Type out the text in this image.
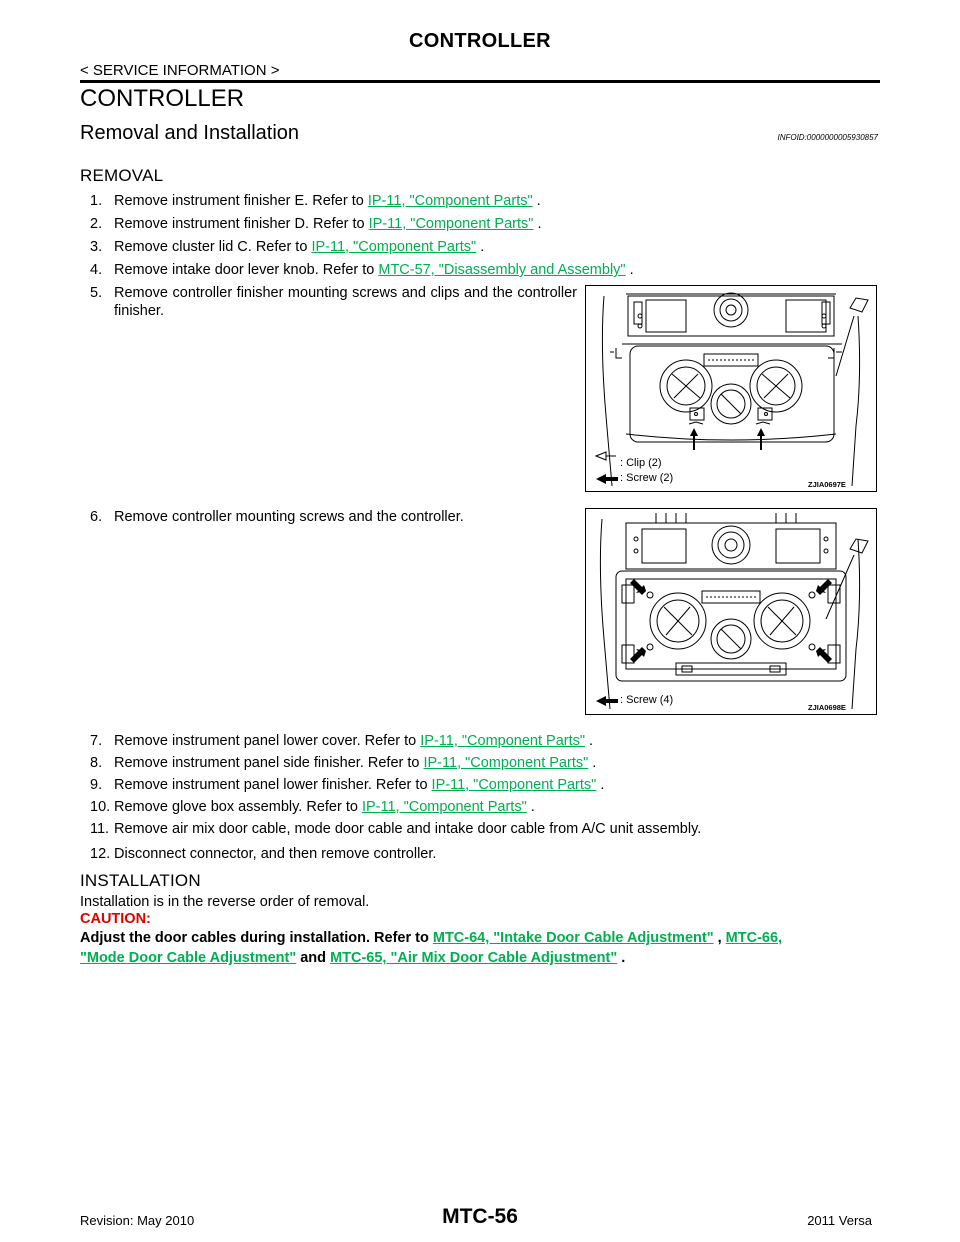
CONTROLLER
< SERVICE INFORMATION >
CONTROLLER
Removal and Installation	INFOID:0000000005930857
REMOVAL
1. Remove instrument finisher E. Refer to IP-11, "Component Parts" .
2. Remove instrument finisher D. Refer to IP-11, "Component Parts" .
3. Remove cluster lid C. Refer to IP-11, "Component Parts" .
4. Remove intake door lever knob. Refer to MTC-57, "Disassembly and Assembly" .
5. Remove controller finisher mounting screws and clips and the controller finisher.
: Clip (2)
: Screw (2)
ZJIA0697E
6. Remove controller mounting screws and the controller.
: Screw (4)
ZJIA0698E
7. Remove instrument panel lower cover. Refer to IP-11, "Component Parts" .
8. Remove instrument panel side finisher. Refer to IP-11, "Component Parts" .
9. Remove instrument panel lower finisher. Refer to IP-11, "Component Parts" .
10. Remove glove box assembly. Refer to IP-11, "Component Parts" .
11. Remove air mix door cable, mode door cable and intake door cable from A/C unit assembly.
12. Disconnect connector, and then remove controller.
INSTALLATION
Installation is in the reverse order of removal.
CAUTION:
Adjust the door cables during installation. Refer to MTC-64, "Intake Door Cable Adjustment" , MTC-66,
"Mode Door Cable Adjustment" and MTC-65, "Air Mix Door Cable Adjustment" .
Revision: May 2010	MTC-56	2011 Versa
